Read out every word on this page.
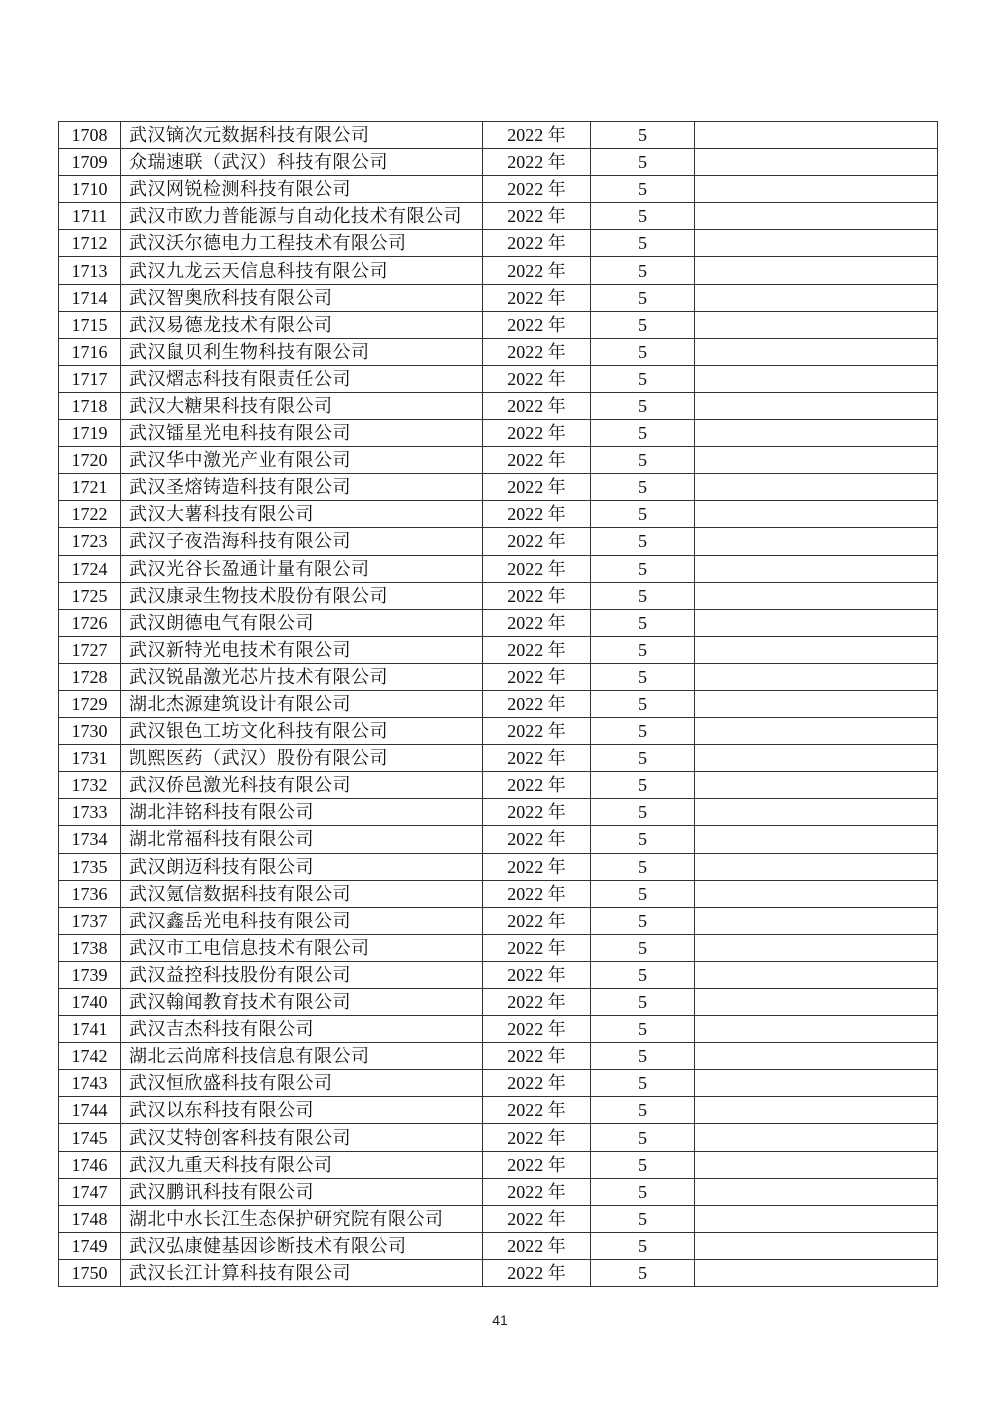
1708	武汉镝次元数据科技有限公司	2022 年	5	
1709	众瑞速联（武汉）科技有限公司	2022 年	5	
1710	武汉网锐检测科技有限公司	2022 年	5	
1711	武汉市欧力普能源与自动化技术有限公司	2022 年	5	
1712	武汉沃尔德电力工程技术有限公司	2022 年	5	
1713	武汉九龙云天信息科技有限公司	2022 年	5	
1714	武汉智奥欣科技有限公司	2022 年	5	
1715	武汉易德龙技术有限公司	2022 年	5	
1716	武汉鼠贝利生物科技有限公司	2022 年	5	
1717	武汉熠志科技有限责任公司	2022 年	5	
1718	武汉大糖果科技有限公司	2022 年	5	
1719	武汉镭星光电科技有限公司	2022 年	5	
1720	武汉华中激光产业有限公司	2022 年	5	
1721	武汉圣熔铸造科技有限公司	2022 年	5	
1722	武汉大薯科技有限公司	2022 年	5	
1723	武汉子夜浩海科技有限公司	2022 年	5	
1724	武汉光谷长盈通计量有限公司	2022 年	5	
1725	武汉康录生物技术股份有限公司	2022 年	5	
1726	武汉朗德电气有限公司	2022 年	5	
1727	武汉新特光电技术有限公司	2022 年	5	
1728	武汉锐晶激光芯片技术有限公司	2022 年	5	
1729	湖北杰源建筑设计有限公司	2022 年	5	
1730	武汉银色工坊文化科技有限公司	2022 年	5	
1731	凯熙医药（武汉）股份有限公司	2022 年	5	
1732	武汉侨邑激光科技有限公司	2022 年	5	
1733	湖北沣铭科技有限公司	2022 年	5	
1734	湖北常福科技有限公司	2022 年	5	
1735	武汉朗迈科技有限公司	2022 年	5	
1736	武汉氪信数据科技有限公司	2022 年	5	
1737	武汉鑫岳光电科技有限公司	2022 年	5	
1738	武汉市工电信息技术有限公司	2022 年	5	
1739	武汉益控科技股份有限公司	2022 年	5	
1740	武汉翰闻教育技术有限公司	2022 年	5	
1741	武汉吉杰科技有限公司	2022 年	5	
1742	湖北云尚席科技信息有限公司	2022 年	5	
1743	武汉恒欣盛科技有限公司	2022 年	5	
1744	武汉以东科技有限公司	2022 年	5	
1745	武汉艾特创客科技有限公司	2022 年	5	
1746	武汉九重天科技有限公司	2022 年	5	
1747	武汉鹏讯科技有限公司	2022 年	5	
1748	湖北中水长江生态保护研究院有限公司	2022 年	5	
1749	武汉弘康健基因诊断技术有限公司	2022 年	5	
1750	武汉长江计算科技有限公司	2022 年	5	
41
